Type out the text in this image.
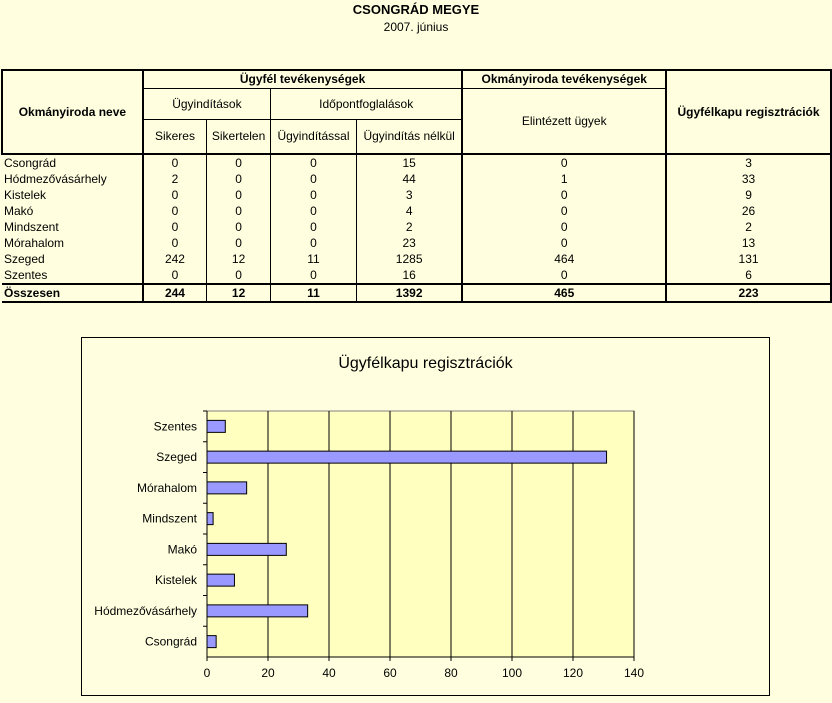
CSONGRÁD MEGYE
2007. június
Okmányiroda neve	Ügyfél tevékenységek				Okmányiroda tevékenységek	Ügyfélkapu regisztrációk
	Ügyindítások		Időpontfoglalások		Elintézett ügyek	
	Sikeres	Sikertelen	Ügyindítással	Ügyindítás nélkül		
Csongrád	0	0	0	15	0	3
Hódmezővásárhely	2	0	0	44	1	33
Kistelek	0	0	0	3	0	9
Makó	0	0	0	4	0	26
Mindszent	0	0	0	2	0	2
Mórahalom	0	0	0	23	0	13
Szeged	242	12	11	1285	464	131
Szentes	0	0	0	16	0	6
Összesen	244	12	11	1392	465	223
Ügyfélkapu regisztrációk
0	20	40	60	80	100	120	140
Szentes
Szeged
Mórahalom
Mindszent
Makó
Kistelek
Hódmezővásárhely
Csongrád
